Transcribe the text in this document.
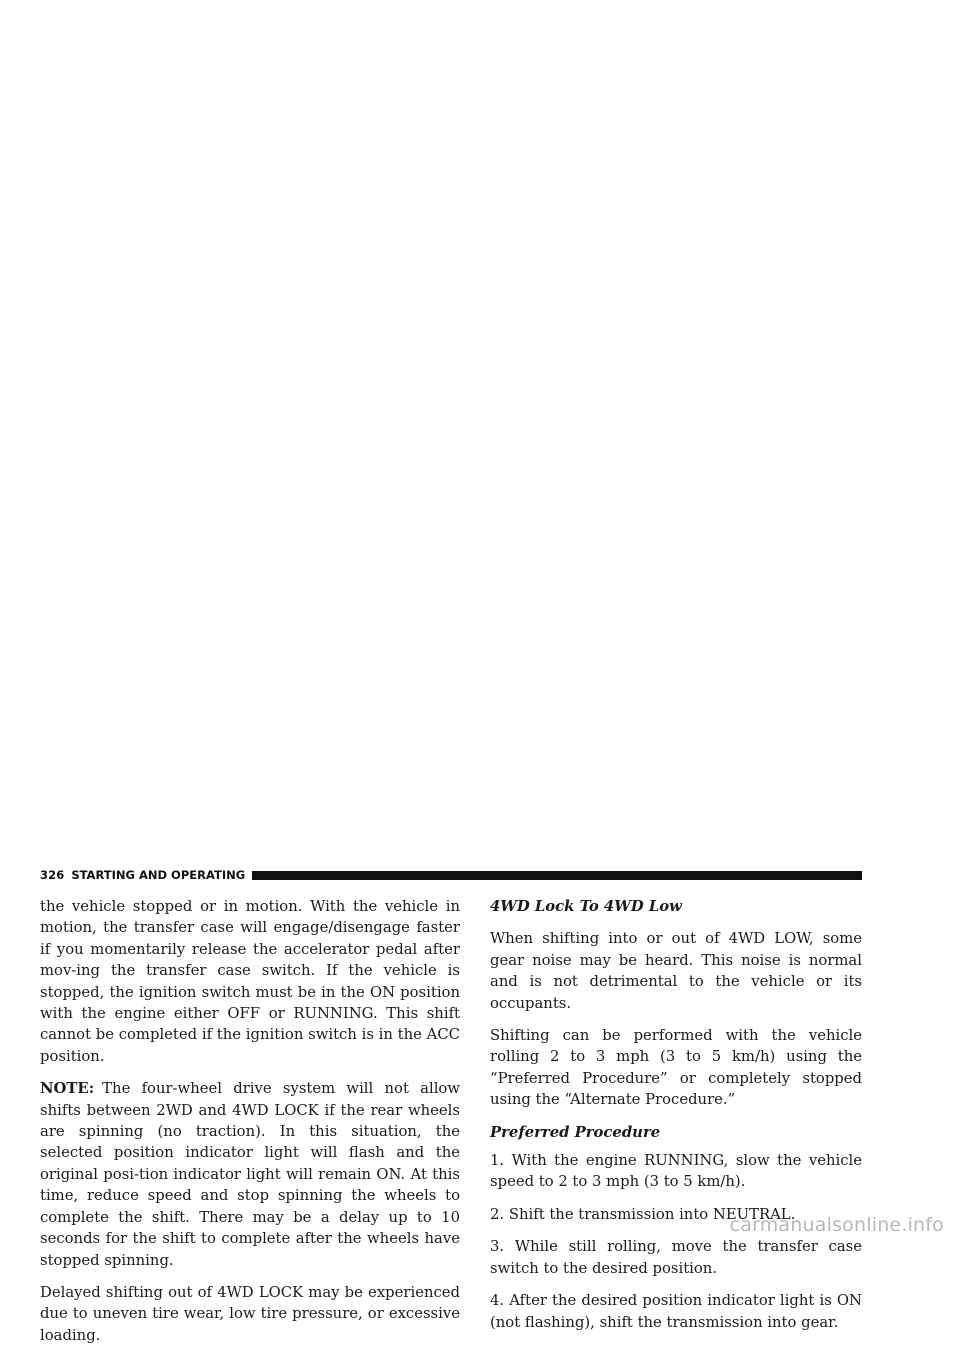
326 STARTING AND OPERATING

the vehicle stopped or in motion. With the vehicle in motion, the transfer case will engage/disengage faster if you momentarily release the accelerator pedal after mov-ing the transfer case switch. If the vehicle is stopped, the ignition switch must be in the ON position with the engine either OFF or RUNNING. This shift cannot be completed if the ignition switch is in the ACC position.

NOTE: The four-wheel drive system will not allow shifts between 2WD and 4WD LOCK if the rear wheels are spinning (no traction). In this situation, the selected position indicator light will flash and the original posi-tion indicator light will remain ON. At this time, reduce speed and stop spinning the wheels to complete the shift. There may be a delay up to 10 seconds for the shift to complete after the wheels have stopped spinning.

Delayed shifting out of 4WD LOCK may be experienced due to uneven tire wear, low tire pressure, or excessive loading.

4WD Lock To 4WD Low

When shifting into or out of 4WD LOW, some gear noise may be heard. This noise is normal and is not detrimental to the vehicle or its occupants.

Shifting can be performed with the vehicle rolling 2 to 3 mph (3 to 5 km/h) using the “Preferred Procedure” or completely stopped using the “Alternate Procedure.”

Preferred Procedure

1. With the engine RUNNING, slow the vehicle speed to 2 to 3 mph (3 to 5 km/h).

2. Shift the transmission into NEUTRAL.

3. While still rolling, move the transfer case switch to the desired position.

4. After the desired position indicator light is ON (not flashing), shift the transmission into gear.

carmanualsonline.info
